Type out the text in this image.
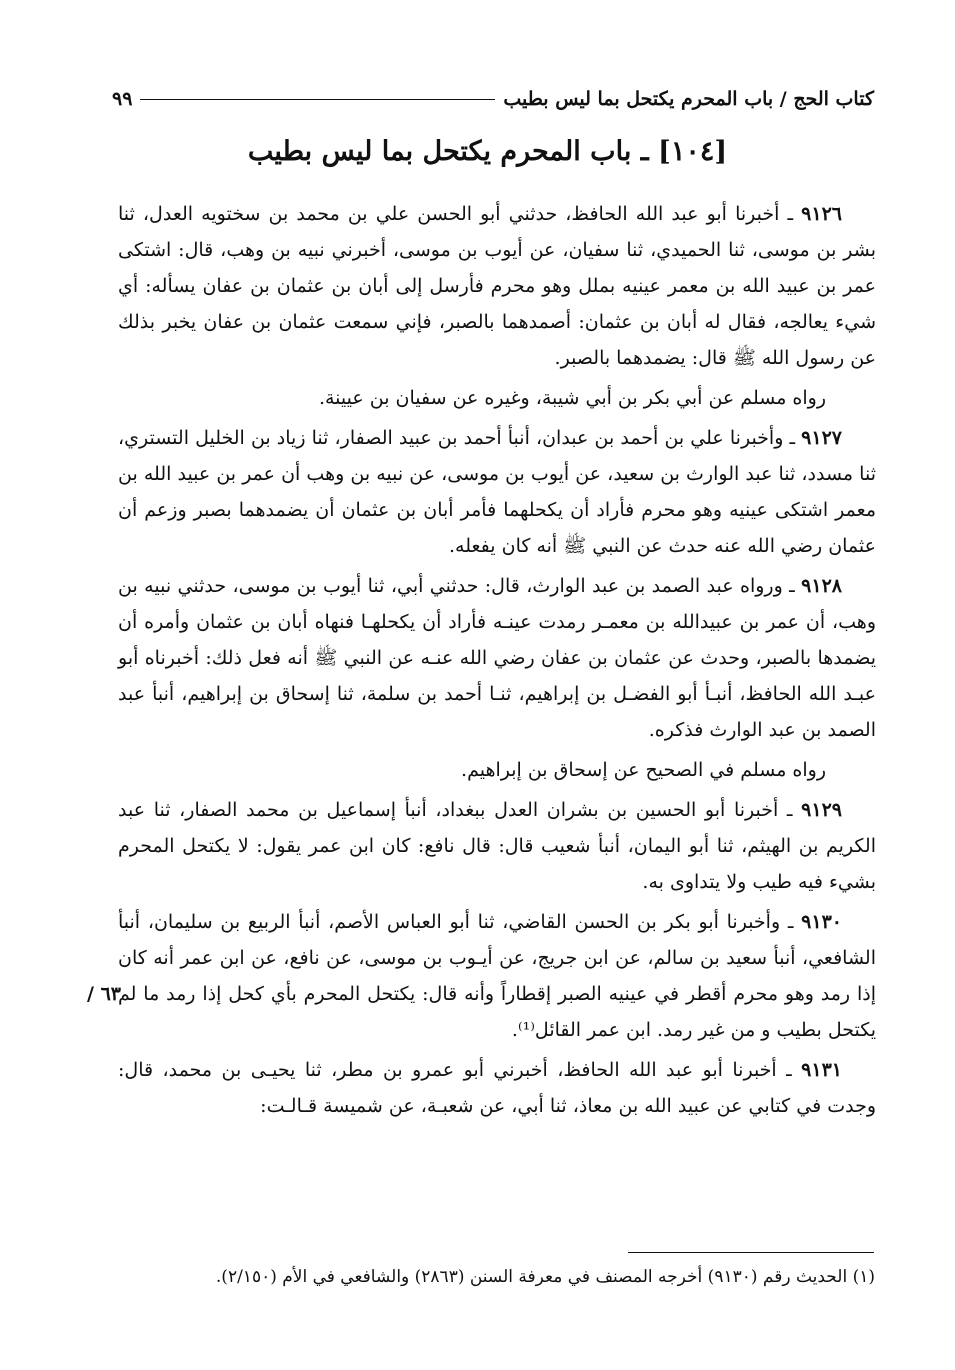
كتاب الحج / باب المحرم يكتحل بما ليس بطيب
٩٩
[١٠٤] ـ باب المحرم يكتحل بما ليس بطيب

٩١٢٦ ـ أخبرنا أبو عبد الله الحافظ، حدثني أبو الحسن علي بن محمد بن سختويه العدل، ثنا بشر بن موسى، ثنا الحميدي، ثنا سفيان، عن أيوب بن موسى، أخبرني نبيه بن وهب، قال: اشتكى عمر بن عبيد الله بن معمر عينيه بملل وهو محرم فأرسل إلى أبان بن عثمان بن عفان يسأله: أي شيء يعالجه، فقال له أبان بن عثمان: أصمدهما بالصبر، فإني سمعت عثمان بن عفان يخبر بذلك عن رسول الله ﷺ قال: يضمدهما بالصبر.

رواه مسلم عن أبي بكر بن أبي شيبة، وغيره عن سفيان بن عيينة.

٩١٢٧ ـ وأخبرنا علي بن أحمد بن عبدان، أنبأ أحمد بن عبيد الصفار، ثنا زياد بن الخليل التستري، ثنا مسدد، ثنا عبد الوارث بن سعيد، عن أيوب بن موسى، عن نبيه بن وهب أن عمر بن عبيد الله بن معمر اشتكى عينيه وهو محرم فأراد أن يكحلهما فأمر أبان بن عثمان أن يضمدهما بصبر وزعم أن عثمان رضي الله عنه حدث عن النبي ﷺ أنه كان يفعله.

٩١٢٨ ـ ورواه عبد الصمد بن عبد الوارث، قال: حدثني أبي، ثنا أيوب بن موسى، حدثني نبيه بن وهب، أن عمر بن عبيدالله بن معمـر رمدت عينـه فأراد أن يكحلهـا فنهاه أبان بن عثمان وأمره أن يضمدها بالصبر، وحدث عن عثمان بن عفان رضي الله عنـه عن النبي ﷺ أنه فعل ذلك: أخبرناه أبو عبـد الله الحافظ، أنبـأ أبو الفضـل بن إبراهيم، ثنـا أحمد بن سلمة، ثنا إسحاق بن إبراهيم، أنبأ عبد الصمد بن عبد الوارث فذكره.

رواه مسلم في الصحيح عن إسحاق بن إبراهيم.

٩١٢٩ ـ أخبرنا أبو الحسين بن بشران العدل ببغداد، أنبأ إسماعيل بن محمد الصفار، ثنا عبد الكريم بن الهيثم، ثنا أبو اليمان، أنبأ شعيب قال: قال نافع: كان ابن عمر يقول: لا يكتحل المحرم بشيء فيه طيب ولا يتداوى به.

٩١٣٠ ـ وأخبرنا أبو بكر بن الحسن القاضي، ثنا أبو العباس الأصم، أنبأ الربيع بن سليمان، أنبأ الشافعي، أنبأ سعيد بن سالم، عن ابن جريج، عن أيـوب بن موسى، عن نافع، عن ابن عمر أنه كان إذا رمد وهو محرم أقطر في عينيه الصبر إقطاراً وأنه قال: يكتحل المحرم بأي كحل إذا رمد ما لم يكتحل بطيب و من غير رمد. ابن عمر القائل⁽¹⁾.

٩١٣١ ـ أخبرنا أبو عبد الله الحافظ، أخبرني أبو عمرو بن مطر، ثنا يحيـى بن محمد، قال: وجدت في كتابي عن عبيد الله بن معاذ، ثنا أبي، عن شعبـة، عن شميسة قـالـت:

/ ٦٣
(١) الحديث رقم (٩١٣٠) أخرجه المصنف في معرفة السنن (٢٨٦٣) والشافعي في الأم (٢/١٥٠).
